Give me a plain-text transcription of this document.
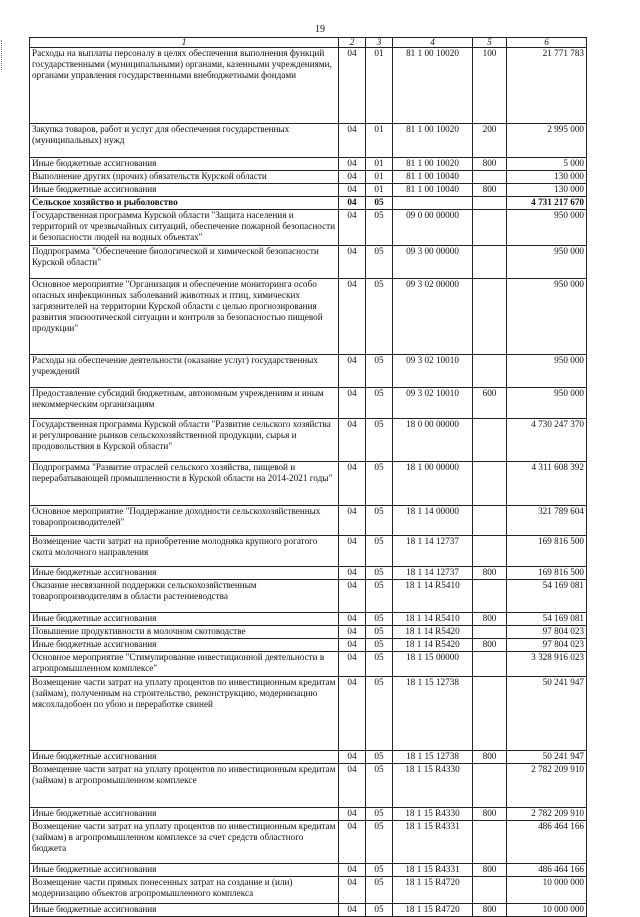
19
1	2	3	4	5	6
Расходы на выплаты персоналу в целях обеспечения выполнения функций государственными (муниципальными) органами, казенными учреждениями, органами управления государственными внебюджетными фондами	04	01	81 1 00 10020	100	21 771 783
Закупка товаров, работ и услуг для обеспечения государственных (муниципальных) нужд	04	01	81 1 00 10020	200	2 995 000
Иные бюджетные ассигнования	04	01	81 1 00 10020	800	5 000
Выполнение других (прочих) обязательств Курской области	04	01	81 1 00 10040		130 000
Иные бюджетные ассигнования	04	01	81 1 00 10040	800	130 000
Сельское хозяйство и рыболовство	04	05			4 731 217 670
Государственная программа Курской области "Защита населения и территорий от чрезвычайных ситуаций, обеспечение пожарной безопасности и безопасности людей на водных объектах"	04	05	09 0 00 00000		950 000
Подпрограмма "Обеспечение биологической и химической безопасности Курской области"	04	05	09 3 00 00000		950 000
Основное мероприятие "Организация и обеспечение мониторинга особо опасных инфекционных заболеваний животных и птиц, химических загрязнителей на территории Курской области с целью прогнозирования развития эпизоотической ситуации и контроля за безопасностью пищевой продукции"	04	05	09 3 02 00000		950 000
Расходы на обеспечение деятельности (оказание услуг) государственных учреждений	04	05	09 3 02 10010		950 000
Предоставление субсидий бюджетным, автономным учреждениям и иным некоммерческим организациям	04	05	09 3 02 10010	600	950 000
Государственная программа Курской области "Развитие сельского хозяйства и регулирование рынков сельскохозяйственной продукции, сырья и продовольствия в Курской области"	04	05	18 0 00 00000		4 730 247 370
Подпрограмма "Развитие отраслей сельского хозяйства, пищевой и перерабатывающей промышленности в Курской области на 2014-2021 годы"	04	05	18 1 00 00000		4 311 608 392
Основное мероприятие "Поддержание доходности сельскохозяйственных товаропроизводителей"	04	05	18 1 14 00000		321 789 604
Возмещение части затрат на приобретение молодняка крупного рогатого скота молочного направления	04	05	18 1 14 12737		169 816 500
Иные бюджетные ассигнования	04	05	18 1 14 12737	800	169 816 500
Оказание несвязанной поддержки сельскохозяйственным товаропроизводителям в области растениеводства	04	05	18 1 14 R5410		54 169 081
Иные бюджетные ассигнования	04	05	18 1 14 R5410	800	54 169 081
Повышение продуктивности в молочном скотоводстве	04	05	18 1 14 R5420		97 804 023
Иные бюджетные ассигнования	04	05	18 1 14 R5420	800	97 804 023
Основное мероприятие "Стимулирование инвестиционной деятельности в агропромышленном комплексе"	04	05	18 1 15 00000		3 328 916 023
Возмещение части затрат на уплату процентов по инвестиционным кредитам (займам), полученным на строительство, реконструкцию, модернизацию мясохладобоен по убою и переработке свиней	04	05	18 1 15 12738		50 241 947
Иные бюджетные ассигнования	04	05	18 1 15 12738	800	50 241 947
Возмещение части затрат на уплату процентов по инвестиционным кредитам (займам) в агропромышленном комплексе	04	05	18 1 15 R4330		2 782 209 910
Иные бюджетные ассигнования	04	05	18 1 15 R4330	800	2 782 209 910
Возмещение части затрат на уплату процентов по инвестиционным кредитам (займам) в агропромышленном комплексе за счет средств областного бюджета	04	05	18 1 15 R4331		486 464 166
Иные бюджетные ассигнования	04	05	18 1 15 R4331	800	486 464 166
Возмещение части прямых понесенных затрат на создание и (или) модернизацию объектов агропромышленного комплекса	04	05	18 1 15 R4720		10 000 000
Иные бюджетные ассигнования	04	05	18 1 15 R4720	800	10 000 000
